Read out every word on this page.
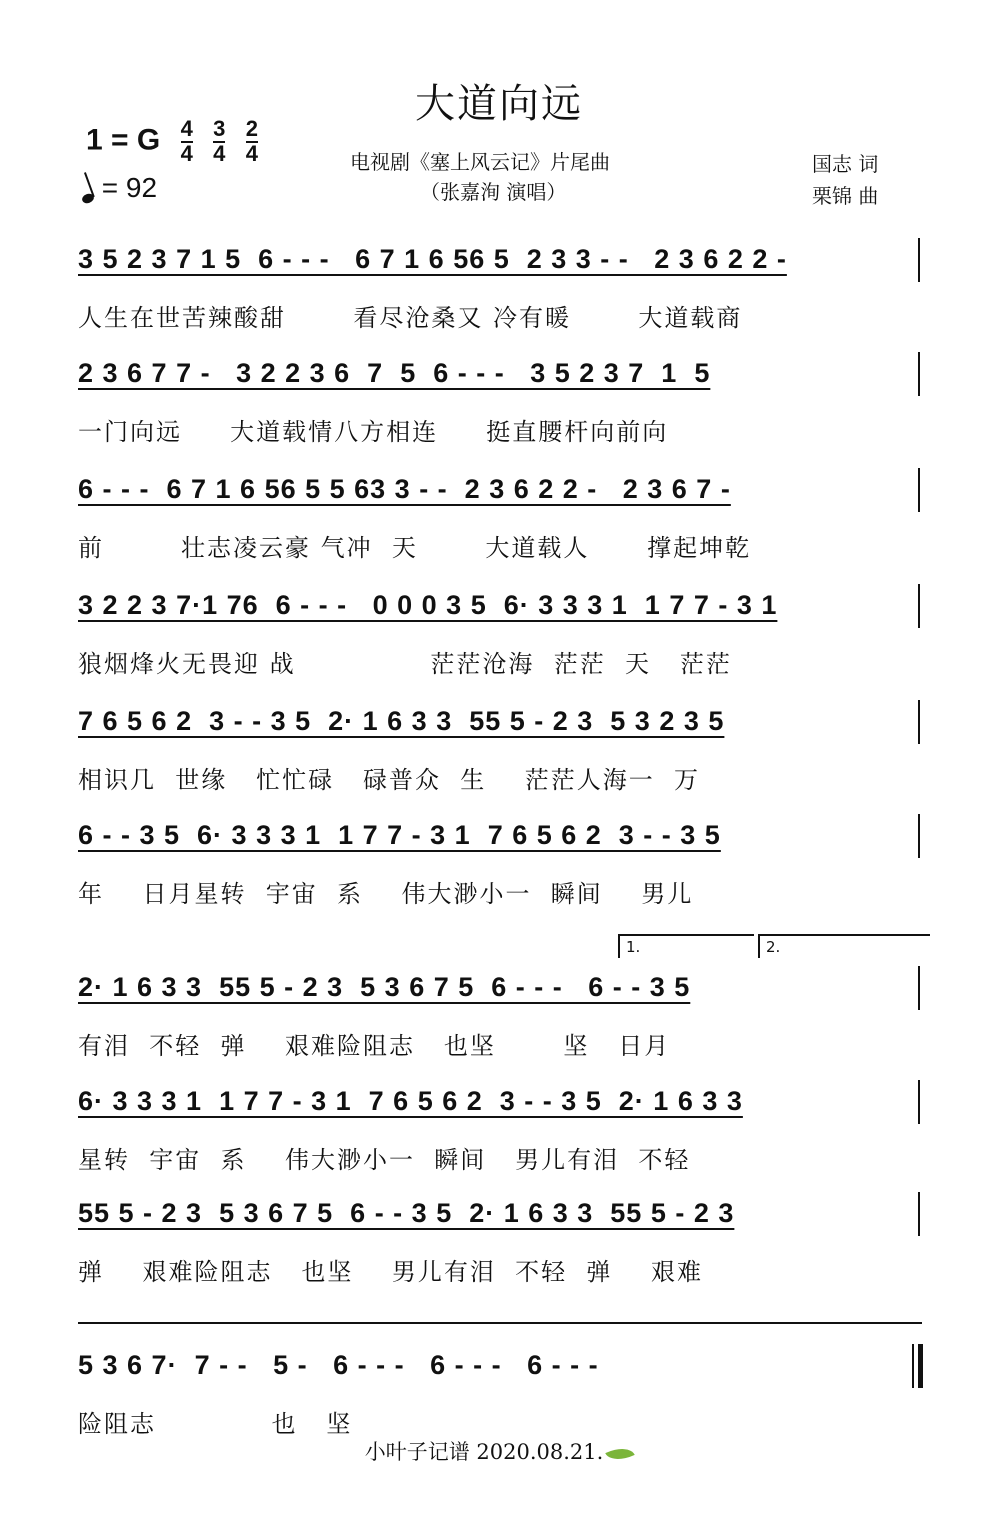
大道向远
1 = G $\frac{4}{4}$
$\frac{3}{4}$
$\frac{2}{4}$
= 92
电视剧《塞上风云记》片尾曲
（张嘉洵 演唱）
国志 词
栗锦 曲
3 5 2 3 7 1 5  6 - - -   6 7 1 6 56 5  2 3 3 - -   2 3 6 2 2 -
人生在世苦辣酸甜       看尽沧桑又 冷有暖       大道载商
2 3 6 7 7 -   3 2 2 3 6  7  5  6 - - -   3 5 2 3 7  1  5
一门向远     大道载情八方相连     挺直腰杆向前向
6 - - -  6 7 1 6 56 5 5 63 3 - -  2 3 6 2 2 -   2 3 6 7 -
前        壮志凌云豪 气冲  天       大道载人      撑起坤乾
3 2 2 3 7·1 76  6 - - -   0 0 0 3 5  6· 3 3 3 1  1 7 7 - 3 1
狼烟烽火无畏迎 战              茫茫沧海  茫茫  天   茫茫
7 6 5 6 2  3 - - 3 5  2· 1 6 3 3  55 5 - 2 3  5 3 2 3 5
相识几  世缘   忙忙碌   碌普众  生    茫茫人海一  万
6 - - 3 5  6· 3 3 3 1  1 7 7 - 3 1  7 6 5 6 2  3 - - 3 5
年    日月星转  宇宙  系    伟大渺小一  瞬间    男儿
1.	2.
2· 1 6 3 3  55 5 - 2 3  5 3 6 7 5  6 - - -   6 - - 3 5
有泪  不轻  弹    艰难险阻志   也坚       坚   日月
6· 3 3 3 1  1 7 7 - 3 1  7 6 5 6 2  3 - - 3 5  2· 1 6 3 3
星转  宇宙  系    伟大渺小一  瞬间   男儿有泪  不轻
55 5 - 2 3  5 3 6 7 5  6 - - 3 5  2· 1 6 3 3  55 5 - 2 3
弹    艰难险阻志   也坚    男儿有泪  不轻  弹    艰难
5 3 6 7·  7 - -   5 -   6 - - -   6 - - -   6 - - -
险阻志            也   坚
小叶子记谱 2020.08.21.
